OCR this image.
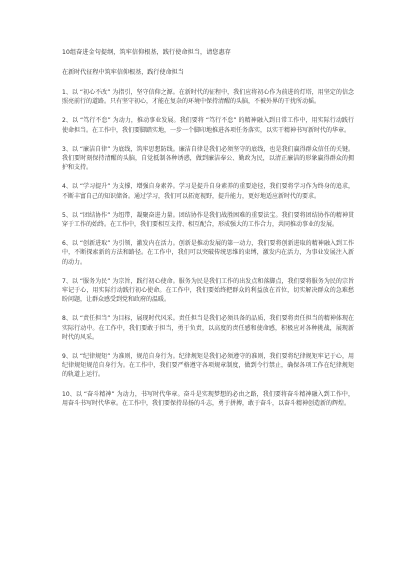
10组奋进金句提纲，筑牢信仰根基，践行使命担当，请您惠存
在新时代征程中筑牢信仰根基，践行使命担当

1、以 “初心不改” 为指引，坚守信仰之源。在新时代的征程中，我们应将初心作为前进的灯塔，用坚定的信念照亮前行的道路。只有坚守初心，才能在复杂的环境中保持清醒的头脑，不被外界的干扰所动摇。

2、以 “笃行不怠” 为动力，推动事业发展。我们要将 “笃行不怠” 的精神融入到日常工作中，用实际行动践行使命担当。在工作中，我们要脚踏实地，一步一个脚印地推进各项任务落实，以实干精神书写新时代的华章。

3、以 “廉洁自律” 为底线，筑牢思想防线。廉洁自律是我们必须坚守的底线，也是我们赢得群众信任的关键。我们要时刻保持清醒的头脑，自觉抵制各种诱惑，做到廉洁奉公、勤政为民，以清正廉洁的形象赢得群众的拥护和支持。

4、以 “学习提升” 为支撑，增强自身素养。学习是提升自身素养的重要途径，我们要将学习作为终身的追求，不断丰富自己的知识储备。通过学习，我们可以拓宽视野，提升能力，更好地适应新时代的要求。

5、以 “团结协作” 为纽带，凝聚奋进力量。团结协作是我们战胜困难的重要法宝。我们要将团结协作的精神贯穿于工作的始终。在工作中，我们要相互支持、相互配合，形成强大的工作合力，共同推动事业的发展。

6、以 “创新进取” 为引领，激发内在活力。创新是推动发展的第一动力，我们要将创新进取的精神融入到工作中，不断探索新的方法和路径。在工作中，我们可以突破传统思维的束缚，激发内在活力，为事业发展注入新的动力。

7、以 “服务为民” 为宗旨，践行初心使命。服务为民是我们工作的出发点和落脚点，我们要将服务为民的宗旨牢记于心，用实际行动践行初心使命。在工作中，我们要始终把群众的利益放在首位，切实解决群众的急难愁盼问题，让群众感受到党和政府的温暖。

8、以 “责任担当” 为目标，展现时代风采。责任担当是我们必须具备的品质，我们要将责任担当的精神体现在实际行动中。在工作中，我们要敢于担当，勇于负责，以高度的责任感和使命感，积极应对各种挑战，展现新时代的风采。

9、以 “纪律规矩” 为准则，规范自身行为。纪律规矩是我们必须遵守的准则，我们要将纪律规矩牢记于心，用纪律规矩规范自身行为。在工作中，我们要严格遵守各项规章制度，做到令行禁止，确保各项工作在纪律规矩的轨道上运行。

10、以 “奋斗精神” 为动力，书写时代华章。奋斗是实现梦想的必由之路，我们要将奋斗精神融入到工作中，用奋斗书写时代华章。在工作中，我们要保持昂扬的斗志，勇于拼搏，敢于奋斗，以奋斗精神创造新的辉煌。
